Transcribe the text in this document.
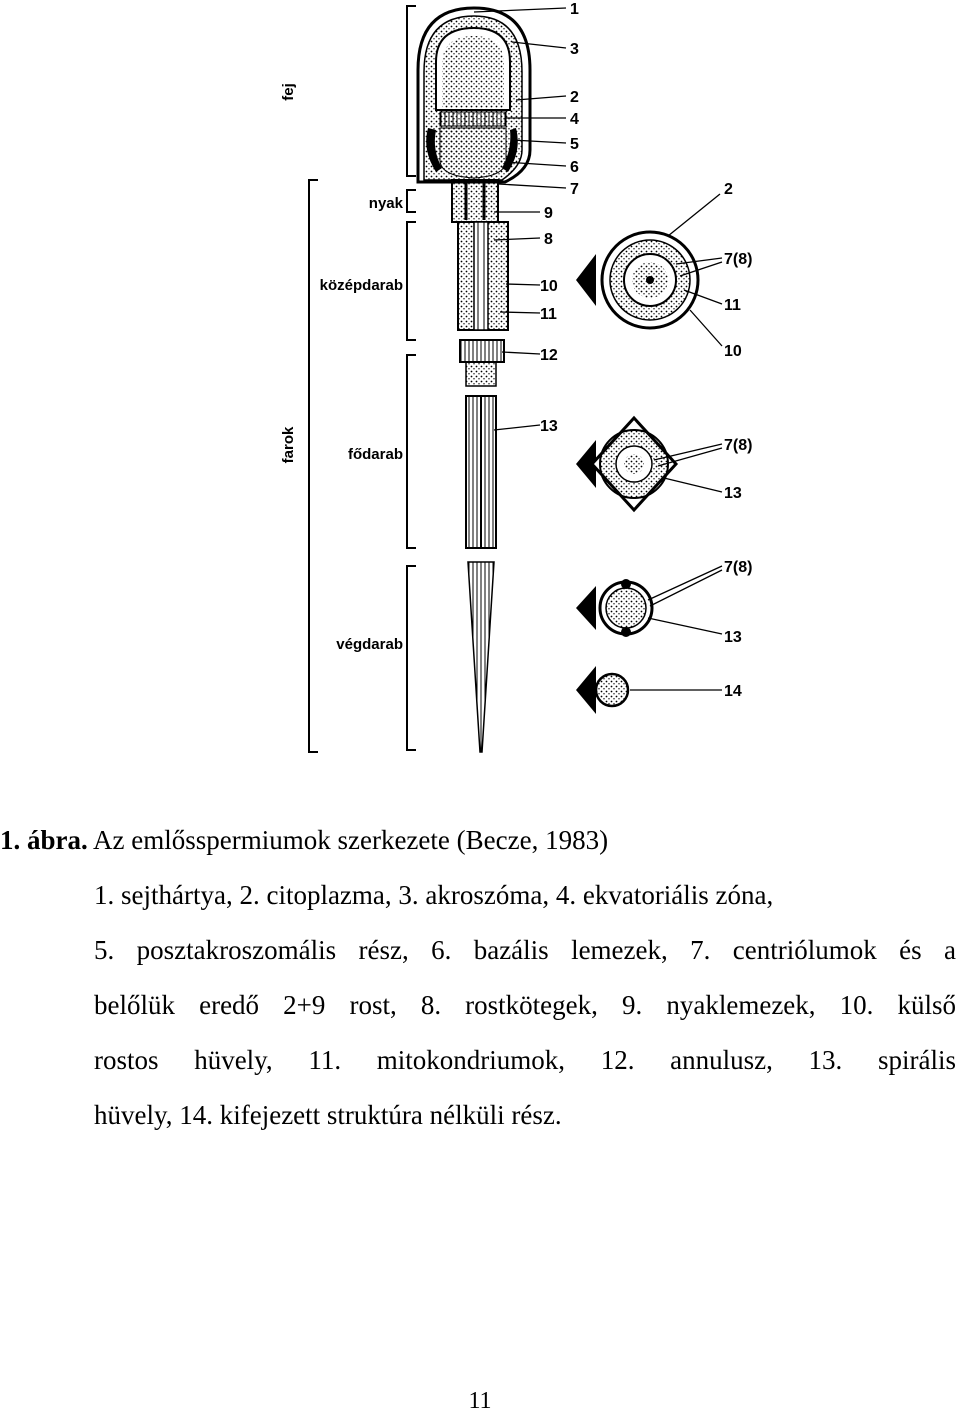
fej
nyak
középdarab
farok	fődarab
végdarab
1
3
2
4
5
6
7
9
8
10
11
12
13
2
7(8)
11
10
7(8)
13
7(8)
13
14
1. ábra. Az emlősspermiumok szerkezete (Becze, 1983)
1. sejthártya, 2. citoplazma, 3. akroszóma, 4. ekvatoriális zóna,
5. posztakroszomális rész, 6. bazális lemezek, 7. centriólumok és a
belőlük eredő 2+9 rost, 8. rostkötegek, 9. nyaklemezek, 10. külső
rostos hüvely, 11. mitokondriumok, 12. annulusz, 13. spirális
hüvely, 14. kifejezett struktúra nélküli rész.
11
